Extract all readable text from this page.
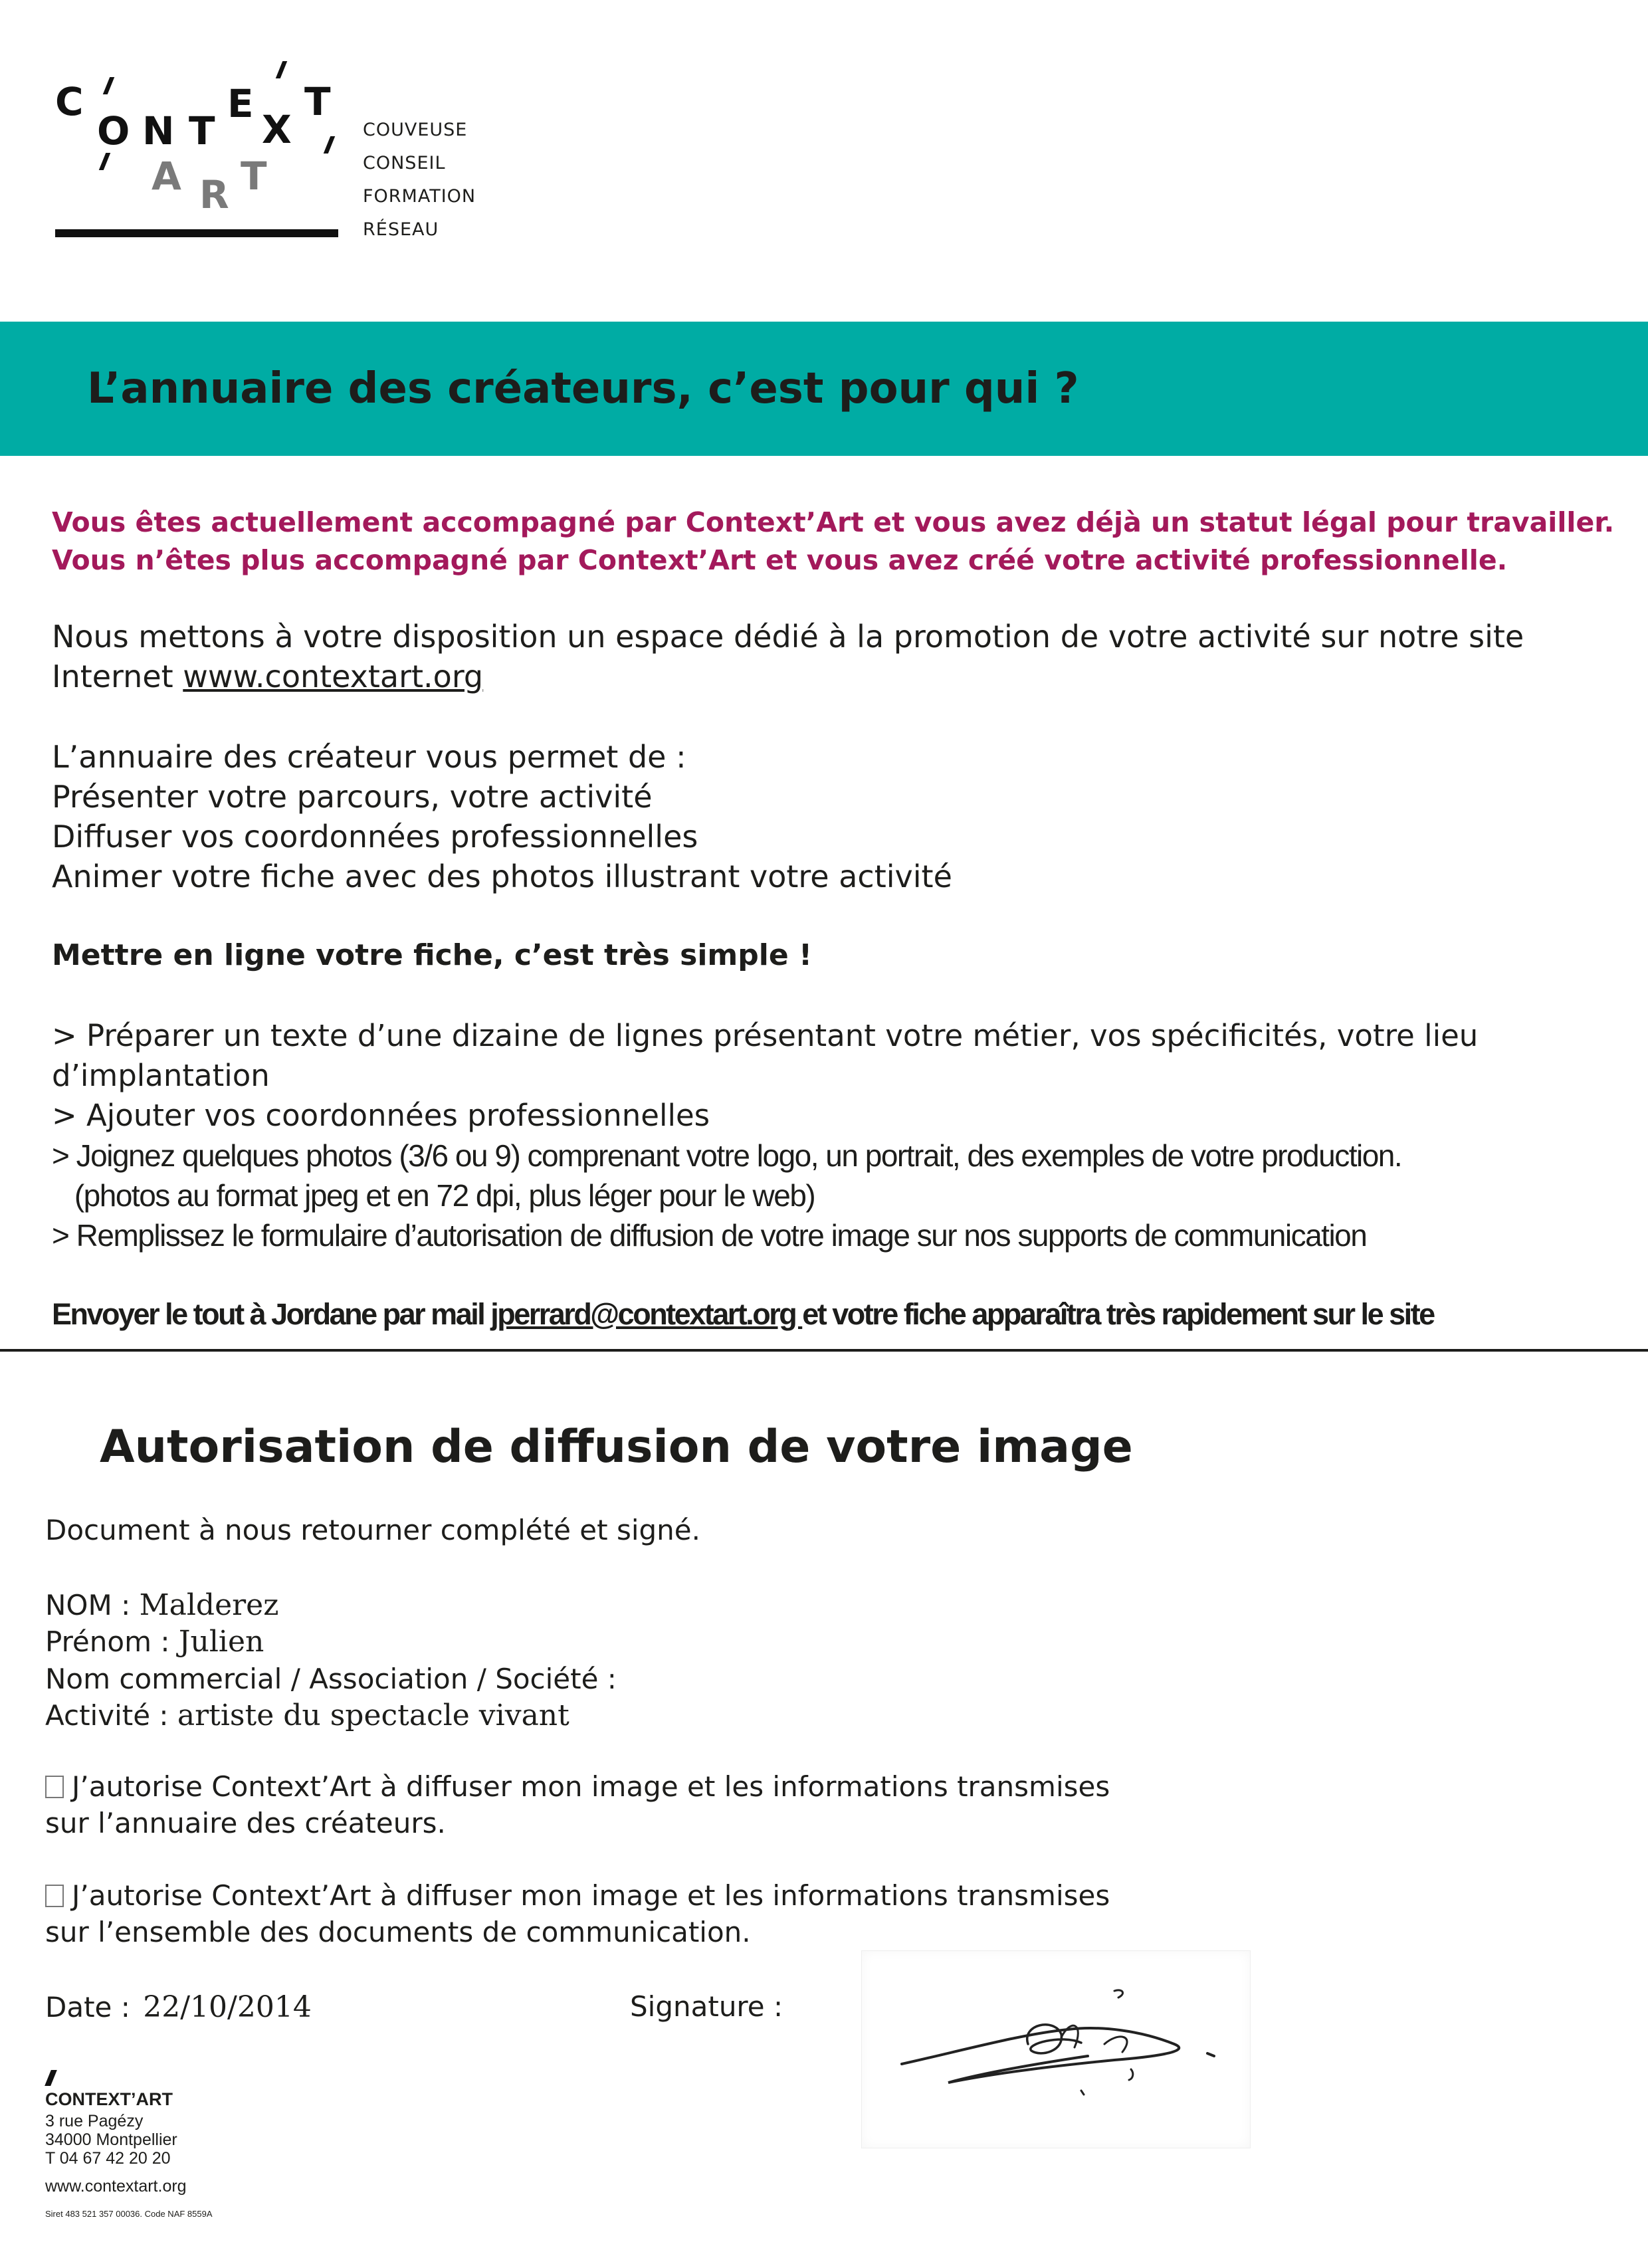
C
O N T
E
X
T
A R T
COUVEUSE
CONSEIL
FORMATION
RÉSEAU
L’annuaire des créateurs, c’est pour qui ?
Vous êtes actuellement accompagné par Context’Art et vous avez déjà un statut légal pour travailler.
Vous n’êtes plus accompagné par Context’Art et vous avez créé votre activité professionnelle.
Nous mettons à votre disposition un espace dédié à la promotion de votre activité sur notre site
Internet www.contextart.org
L’annuaire des créateur vous permet de :
Présenter votre parcours, votre activité
Diffuser vos coordonnées professionnelles
Animer votre fiche avec des photos illustrant votre activité
Mettre en ligne votre fiche, c’est très simple !
> Préparer un texte d’une dizaine de lignes présentant votre métier, vos spécificités, votre lieu
d’implantation
> Ajouter vos coordonnées professionnelles
> Joignez quelques photos (3/6 ou 9) comprenant votre logo, un portrait, des exemples de votre production.
(photos au format jpeg et en 72 dpi, plus léger pour le web)
> Remplissez le formulaire d’autorisation de diffusion de votre image sur nos supports de communication
Envoyer le tout à Jordane par mail jperrard@contextart.org et votre fiche apparaîtra très rapidement sur le site
Autorisation de diffusion de votre image
Document à nous retourner complété et signé.
NOM : Malderez
Prénom : Julien
Nom commercial / Association / Société :
Activité : artiste du spectacle vivant
J’autorise Context’Art à diffuser mon image et les informations transmises
sur l’annuaire des créateurs.
J’autorise Context’Art à diffuser mon image et les informations transmises
sur l’ensemble des documents de communication.
Date : 22/10/2014	Signature :
CONTEXT’ART
3 rue Pagézy
34000 Montpellier
T 04 67 42 20 20
www.contextart.org
Siret 483 521 357 00036. Code NAF 8559A
